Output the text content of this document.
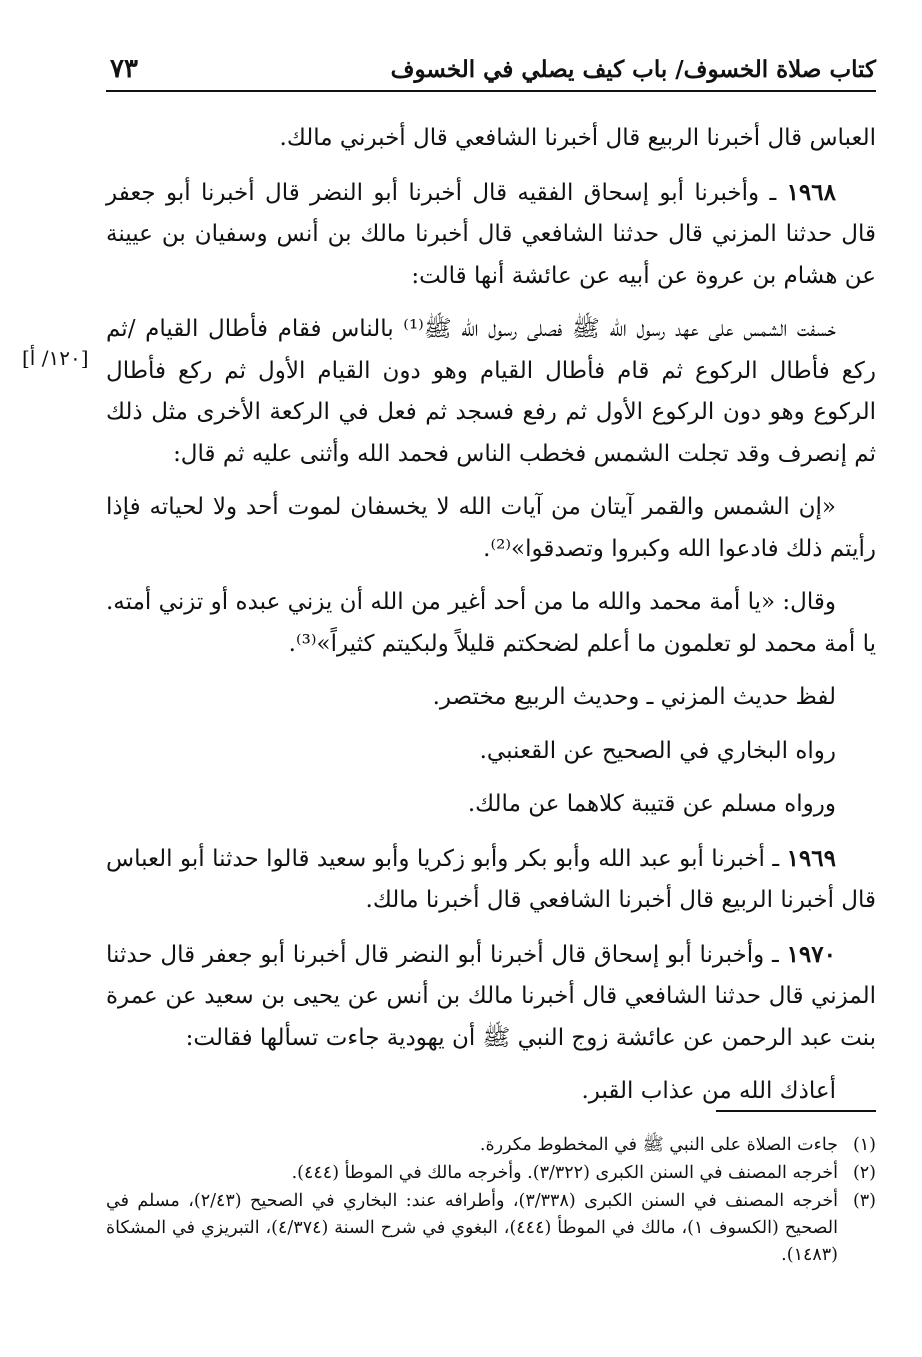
كتاب صلاة الخسوف/ باب كيف يصلي في الخسوف
٧٣
[١٢٠/ أ]

العباس قال أخبرنا الربيع قال أخبرنا الشافعي قال أخبرني مالك.

١٩٦٨ ـ وأخبرنا أبو إسحاق الفقيه قال أخبرنا أبو النضر قال أخبرنا أبو جعفر قال حدثنا المزني قال حدثنا الشافعي قال أخبرنا مالك بن أنس وسفيان بن عيينة عن هشام بن عروة عن أبيه عن عائشة أنها قالت:

خسفت الشمس على عهد رسول الله ﷺ فصلى رسول الله ﷺ⁽¹⁾ بالناس فقام فأطال القيام /ثم ركع فأطال الركوع ثم قام فأطال القيام وهو دون القيام الأول ثم ركع فأطال الركوع وهو دون الركوع الأول ثم رفع فسجد ثم فعل في الركعة الأخرى مثل ذلك ثم إنصرف وقد تجلت الشمس فخطب الناس فحمد الله وأثنى عليه ثم قال:

«إن الشمس والقمر آيتان من آيات الله لا يخسفان لموت أحد ولا لحياته فإذا رأيتم ذلك فادعوا الله وكبروا وتصدقوا»⁽²⁾.

وقال: «يا أمة محمد والله ما من أحد أغير من الله أن يزني عبده أو تزني أمته. يا أمة محمد لو تعلمون ما أعلم لضحكتم قليلاً ولبكيتم كثيراً»⁽³⁾.

لفظ حديث المزني ـ وحديث الربيع مختصر.

رواه البخاري في الصحيح عن القعنبي.

ورواه مسلم عن قتيبة كلاهما عن مالك.

١٩٦٩ ـ أخبرنا أبو عبد الله وأبو بكر وأبو زكريا وأبو سعيد قالوا حدثنا أبو العباس قال أخبرنا الربيع قال أخبرنا الشافعي قال أخبرنا مالك.

١٩٧٠ ـ وأخبرنا أبو إسحاق قال أخبرنا أبو النضر قال أخبرنا أبو جعفر قال حدثنا المزني قال حدثنا الشافعي قال أخبرنا مالك بن أنس عن يحيى بن سعيد عن عمرة بنت عبد الرحمن عن عائشة زوج النبي ﷺ أن يهودية جاءت تسألها فقالت:

أعاذك الله من عذاب القبر.

(١)
جاءت الصلاة على النبي ﷺ في المخطوط مكررة.
(٢)
أخرجه المصنف في السنن الكبرى (٣/٣٢٢). وأخرجه مالك في الموطأ (٤٤٤).
(٣)
أخرجه المصنف في السنن الكبرى (٣/٣٣٨)، وأطرافه عند: البخاري في الصحيح (٢/٤٣)، مسلم في الصحيح (الكسوف ١)، مالك في الموطأ (٤٤٤)، البغوي في شرح السنة (٤/٣٧٤)، التبريزي في المشكاة (١٤٨٣).
